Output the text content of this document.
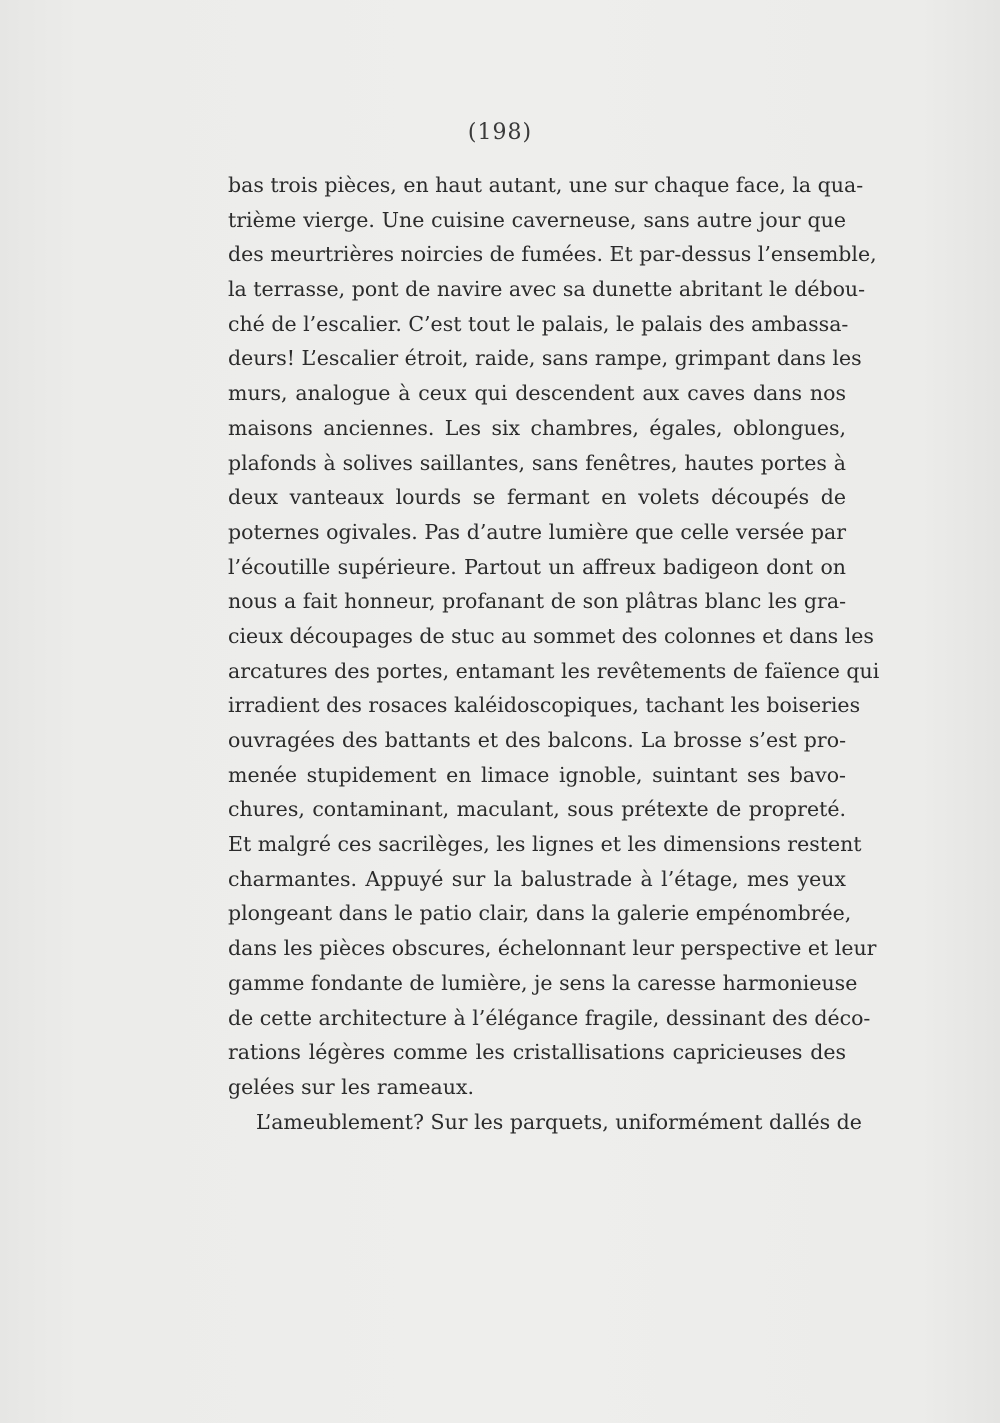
(198)
bas trois pièces, en haut autant, une sur chaque face, la qua-
trième vierge. Une cuisine caverneuse, sans autre jour que
des meurtrières noircies de fumées. Et par-dessus l’ensemble,
la terrasse, pont de navire avec sa dunette abritant le débou-
ché de l’escalier. C’est tout le palais, le palais des ambassa-
deurs! L’escalier étroit, raide, sans rampe, grimpant dans les
murs, analogue à ceux qui descendent aux caves dans nos
maisons anciennes. Les six chambres, égales, oblongues,
plafonds à solives saillantes, sans fenêtres, hautes portes à
deux vanteaux lourds se fermant en volets découpés de
poternes ogivales. Pas d’autre lumière que celle versée par
l’écoutille supérieure. Partout un affreux badigeon dont on
nous a fait honneur, profanant de son plâtras blanc les gra-
cieux découpages de stuc au sommet des colonnes et dans les
arcatures des portes, entamant les revêtements de faïence qui
irradient des rosaces kaléidoscopiques, tachant les boiseries
ouvragées des battants et des balcons. La brosse s’est pro-
menée stupidement en limace ignoble, suintant ses bavo-
chures, contaminant, maculant, sous prétexte de propreté.
Et malgré ces sacrilèges, les lignes et les dimensions restent
charmantes. Appuyé sur la balustrade à l’étage, mes yeux
plongeant dans le patio clair, dans la galerie empénombrée,
dans les pièces obscures, échelonnant leur perspective et leur
gamme fondante de lumière, je sens la caresse harmonieuse
de cette architecture à l’élégance fragile, dessinant des déco-
rations légères comme les cristallisations capricieuses des
gelées sur les rameaux.
L’ameublement? Sur les parquets, uniformément dallés de
